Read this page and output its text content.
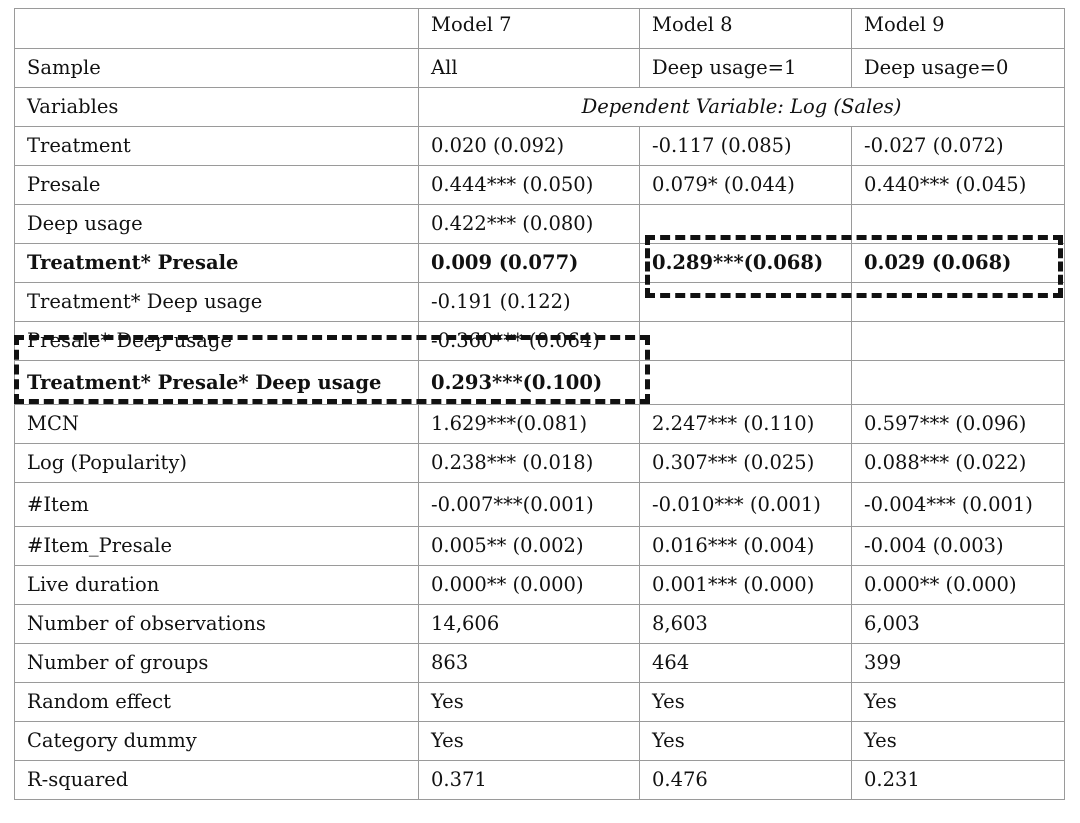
	Model 7	Model 8	Model 9
Sample	All	Deep usage=1	Deep usage=0
Variables	Dependent Variable: Log (Sales)		
Treatment	0.020 (0.092)	-0.117 (0.085)	-0.027 (0.072)
Presale	0.444*** (0.050)	0.079* (0.044)	0.440*** (0.045)
Deep usage	0.422*** (0.080)		
Treatment* Presale	0.009 (0.077)	0.289***(0.068)	0.029 (0.068)
Treatment* Deep usage	-0.191 (0.122)		
Presale* Deep usage	-0.360*** (0.064)		
Treatment* Presale* Deep usage	0.293***(0.100)		
MCN	1.629***(0.081)	2.247*** (0.110)	0.597*** (0.096)
Log (Popularity)	0.238*** (0.018)	0.307*** (0.025)	0.088*** (0.022)
#Item	-0.007***(0.001)	-0.010*** (0.001)	-0.004*** (0.001)
#Item_Presale	0.005** (0.002)	0.016*** (0.004)	-0.004 (0.003)
Live duration	0.000** (0.000)	0.001*** (0.000)	0.000** (0.000)
Number of observations	14,606	8,603	6,003
Number of groups	863	464	399
Random effect	Yes	Yes	Yes
Category dummy	Yes	Yes	Yes
R-squared	0.371	0.476	0.231
